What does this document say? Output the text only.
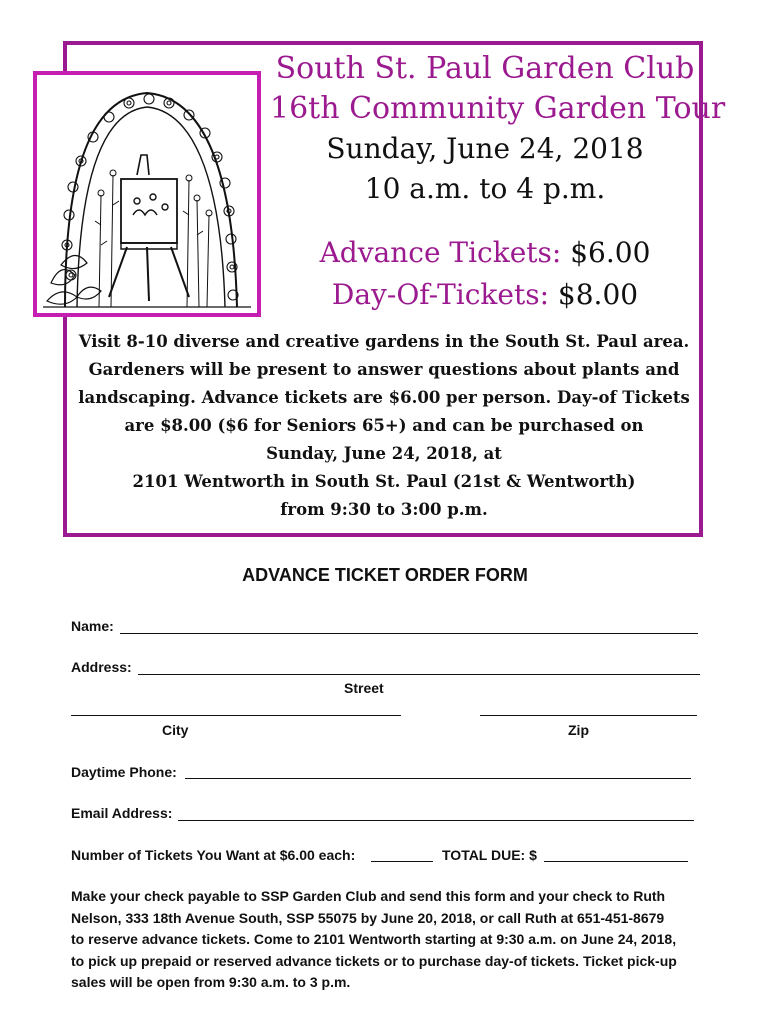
South St. Paul Garden Club
16th Community Garden Tour
Sunday, June 24, 2018
10 a.m. to 4 p.m.
Advance Tickets: $6.00
Day-Of-Tickets: $8.00
Visit 8-10 diverse and creative gardens in the South St. Paul area.
Gardeners will be present to answer questions about plants and
landscaping. Advance tickets are $6.00 per person. Day-of Tickets
are $8.00 ($6 for Seniors 65+) and can be purchased on
Sunday, June 24, 2018, at
2101 Wentworth in South St. Paul (21st & Wentworth)
from 9:30 to 3:00 p.m.
ADVANCE TICKET ORDER FORM
Name:
Address:
Street
City	Zip
Daytime Phone:
Email Address:
Number of Tickets You Want at $6.00 each:	TOTAL DUE: $
Make your check payable to SSP Garden Club and send this form and your check to Ruth
Nelson, 333 18th Avenue South, SSP 55075 by June 20, 2018, or call Ruth at 651-451-8679
to reserve advance tickets. Come to 2101 Wentworth starting at 9:30 a.m. on June 24, 2018,
to pick up prepaid or reserved advance tickets or to purchase day-of tickets. Ticket pick-up
sales will be open from 9:30 a.m. to 3 p.m.
